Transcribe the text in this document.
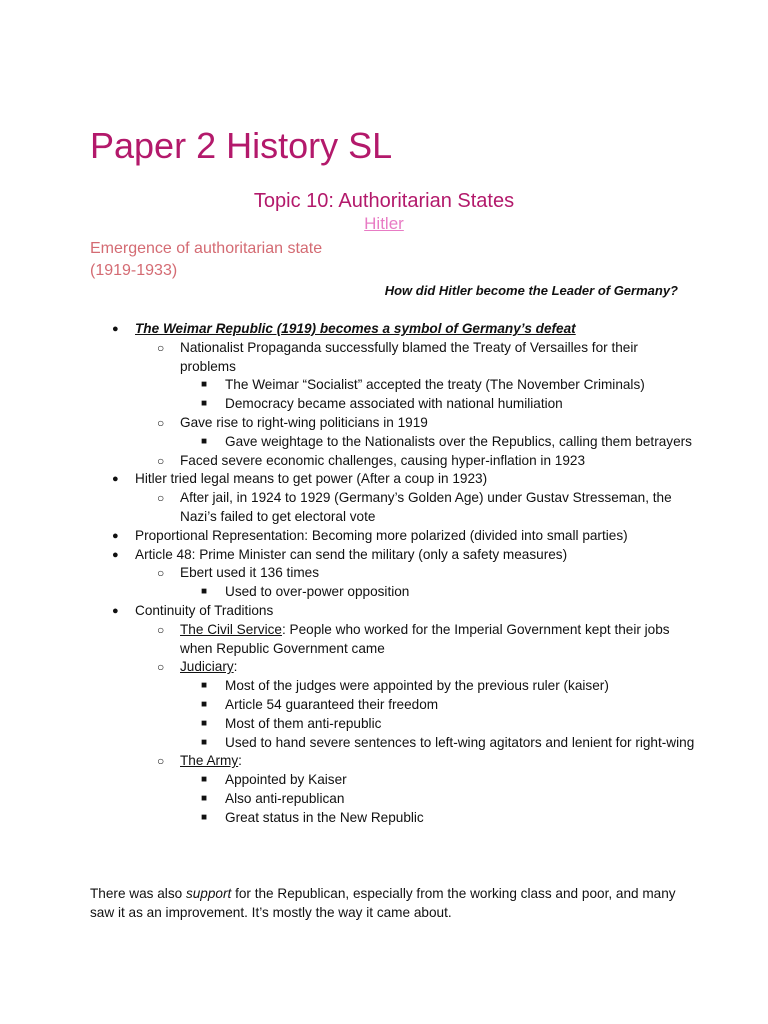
Paper 2 History SL
Topic 10: Authoritarian States
Hitler
Emergence of authoritarian state
(1919-1933)

How did Hitler become the Leader of Germany?

● The Weimar Republic (1919) becomes a symbol of Germany’s defeat
○ Nationalist Propaganda successfully blamed the Treaty of Versailles for their problems
■ The Weimar “Socialist” accepted the treaty (The November Criminals)
■ Democracy became associated with national humiliation
○ Gave rise to right-wing politicians in 1919
■ Gave weightage to the Nationalists over the Republics, calling them betrayers
○ Faced severe economic challenges, causing hyper-inflation in 1923
● Hitler tried legal means to get power (After a coup in 1923)
○ After jail, in 1924 to 1929 (Germany’s Golden Age) under Gustav Stresseman, the Nazi’s failed to get electoral vote
● Proportional Representation: Becoming more polarized (divided into small parties)
● Article 48: Prime Minister can send the military (only a safety measures)
○ Ebert used it 136 times
■ Used to over-power opposition
● Continuity of Traditions
○ The Civil Service: People who worked for the Imperial Government kept their jobs when Republic Government came
○ Judiciary:
■ Most of the judges were appointed by the previous ruler (kaiser)
■ Article 54 guaranteed their freedom
■ Most of them anti-republic
■ Used to hand severe sentences to left-wing agitators and lenient for right-wing
○ The Army:
■ Appointed by Kaiser
■ Also anti-republican
■ Great status in the New Republic

There was also support for the Republican, especially from the working class and poor, and many saw it as an improvement. It’s mostly the way it came about.
